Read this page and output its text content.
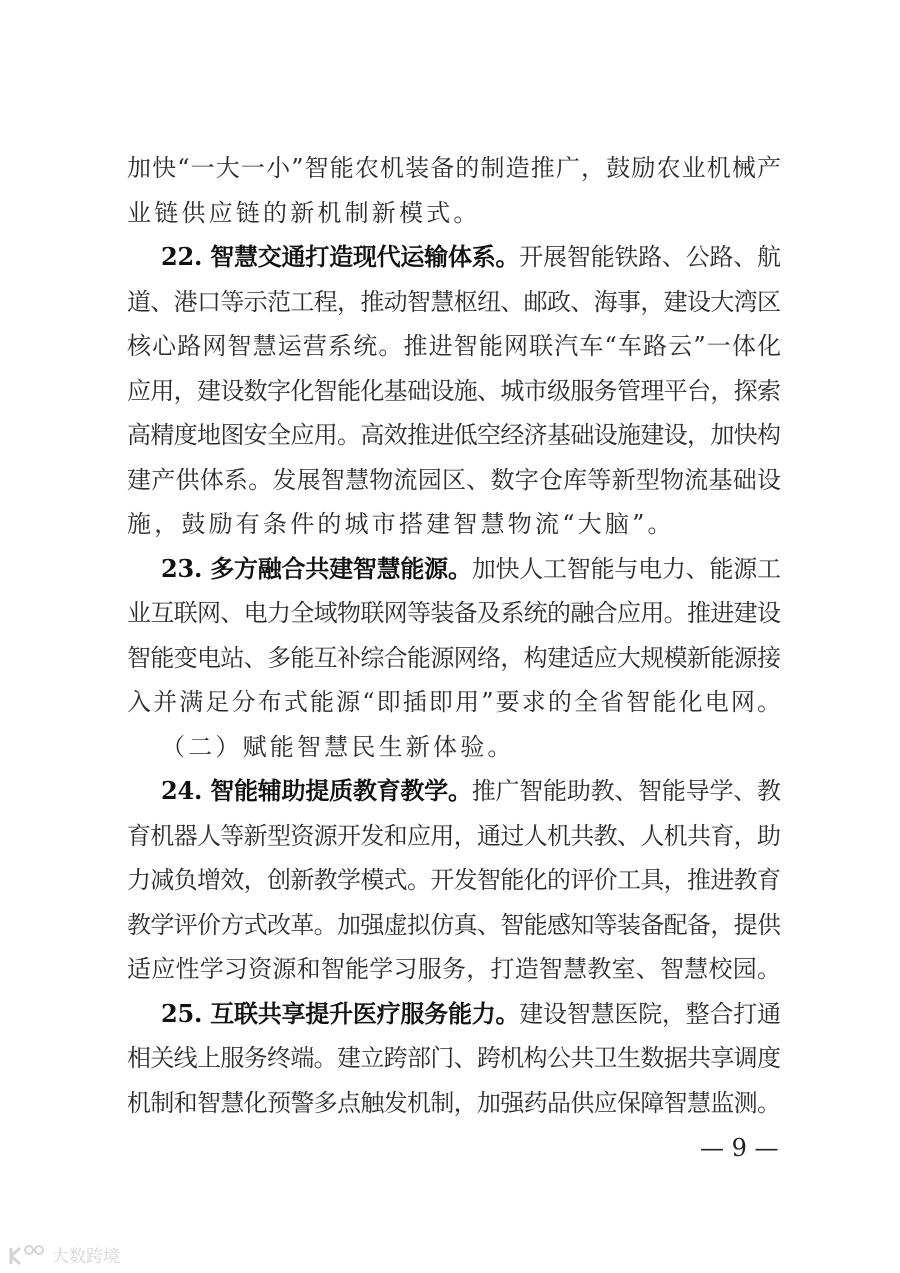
加快“一大一小”智能农机装备的制造推广，鼓励农业机械产
业链供应链的新机制新模式。
22. 智慧交通打造现代运输体系。开展智能铁路、公路、航
道、港口等示范工程，推动智慧枢纽、邮政、海事，建设大湾区
核心路网智慧运营系统。推进智能网联汽车“车路云”一体化
应用，建设数字化智能化基础设施、城市级服务管理平台，探索
高精度地图安全应用。高效推进低空经济基础设施建设，加快构
建产供体系。发展智慧物流园区、数字仓库等新型物流基础设
施，鼓励有条件的城市搭建智慧物流“大脑”。
23. 多方融合共建智慧能源。加快人工智能与电力、能源工
业互联网、电力全域物联网等装备及系统的融合应用。推进建设
智能变电站、多能互补综合能源网络，构建适应大规模新能源接
入并满足分布式能源“即插即用”要求的全省智能化电网。
（二）赋能智慧民生新体验。
24. 智能辅助提质教育教学。推广智能助教、智能导学、教
育机器人等新型资源开发和应用，通过人机共教、人机共育，助
力减负增效，创新教学模式。开发智能化的评价工具，推进教育
教学评价方式改革。加强虚拟仿真、智能感知等装备配备，提供
适应性学习资源和智能学习服务，打造智慧教室、智慧校园。
25. 互联共享提升医疗服务能力。建设智慧医院，整合打通
相关线上服务终端。建立跨部门、跨机构公共卫生数据共享调度
机制和智慧化预警多点触发机制，加强药品供应保障智慧监测。
— 9 —
大数跨境
